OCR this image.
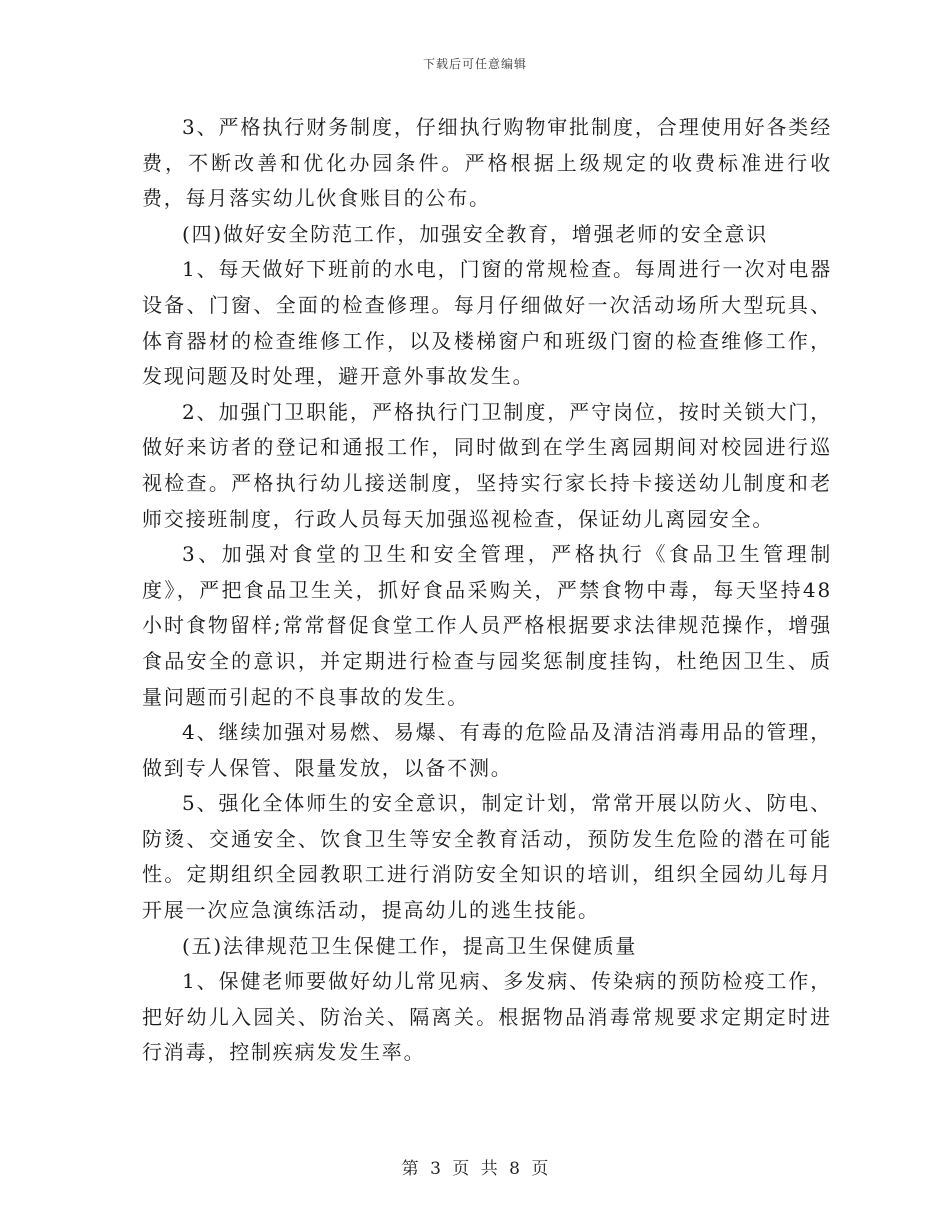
下载后可任意编辑

3、严格执行财务制度，仔细执行购物审批制度，合理使用好各类经费，不断改善和优化办园条件。严格根据上级规定的收费标准进行收费，每月落实幼儿伙食账目的公布。

(四)做好安全防范工作，加强安全教育，增强老师的安全意识

1、每天做好下班前的水电，门窗的常规检查。每周进行一次对电器设备、门窗、全面的检查修理。每月仔细做好一次活动场所大型玩具、体育器材的检查维修工作，以及楼梯窗户和班级门窗的检查维修工作，发现问题及时处理，避开意外事故发生。

2、加强门卫职能，严格执行门卫制度，严守岗位，按时关锁大门，做好来访者的登记和通报工作，同时做到在学生离园期间对校园进行巡视检查。严格执行幼儿接送制度，坚持实行家长持卡接送幼儿制度和老师交接班制度，行政人员每天加强巡视检查，保证幼儿离园安全。

3、加强对食堂的卫生和安全管理，严格执行《食品卫生管理制度》，严把食品卫生关，抓好食品采购关，严禁食物中毒，每天坚持48小时食物留样;常常督促食堂工作人员严格根据要求法律规范操作，增强食品安全的意识，并定期进行检查与园奖惩制度挂钩，杜绝因卫生、质量问题而引起的不良事故的发生。

4、继续加强对易燃、易爆、有毒的危险品及清洁消毒用品的管理，做到专人保管、限量发放，以备不测。

5、强化全体师生的安全意识，制定计划，常常开展以防火、防电、防烫、交通安全、饮食卫生等安全教育活动，预防发生危险的潜在可能性。定期组织全园教职工进行消防安全知识的培训，组织全园幼儿每月开展一次应急演练活动，提高幼儿的逃生技能。

(五)法律规范卫生保健工作，提高卫生保健质量

1、保健老师要做好幼儿常见病、多发病、传染病的预防检疫工作，把好幼儿入园关、防治关、隔离关。根据物品消毒常规要求定期定时进行消毒，控制疾病发发生率。

第 3 页 共 8 页
